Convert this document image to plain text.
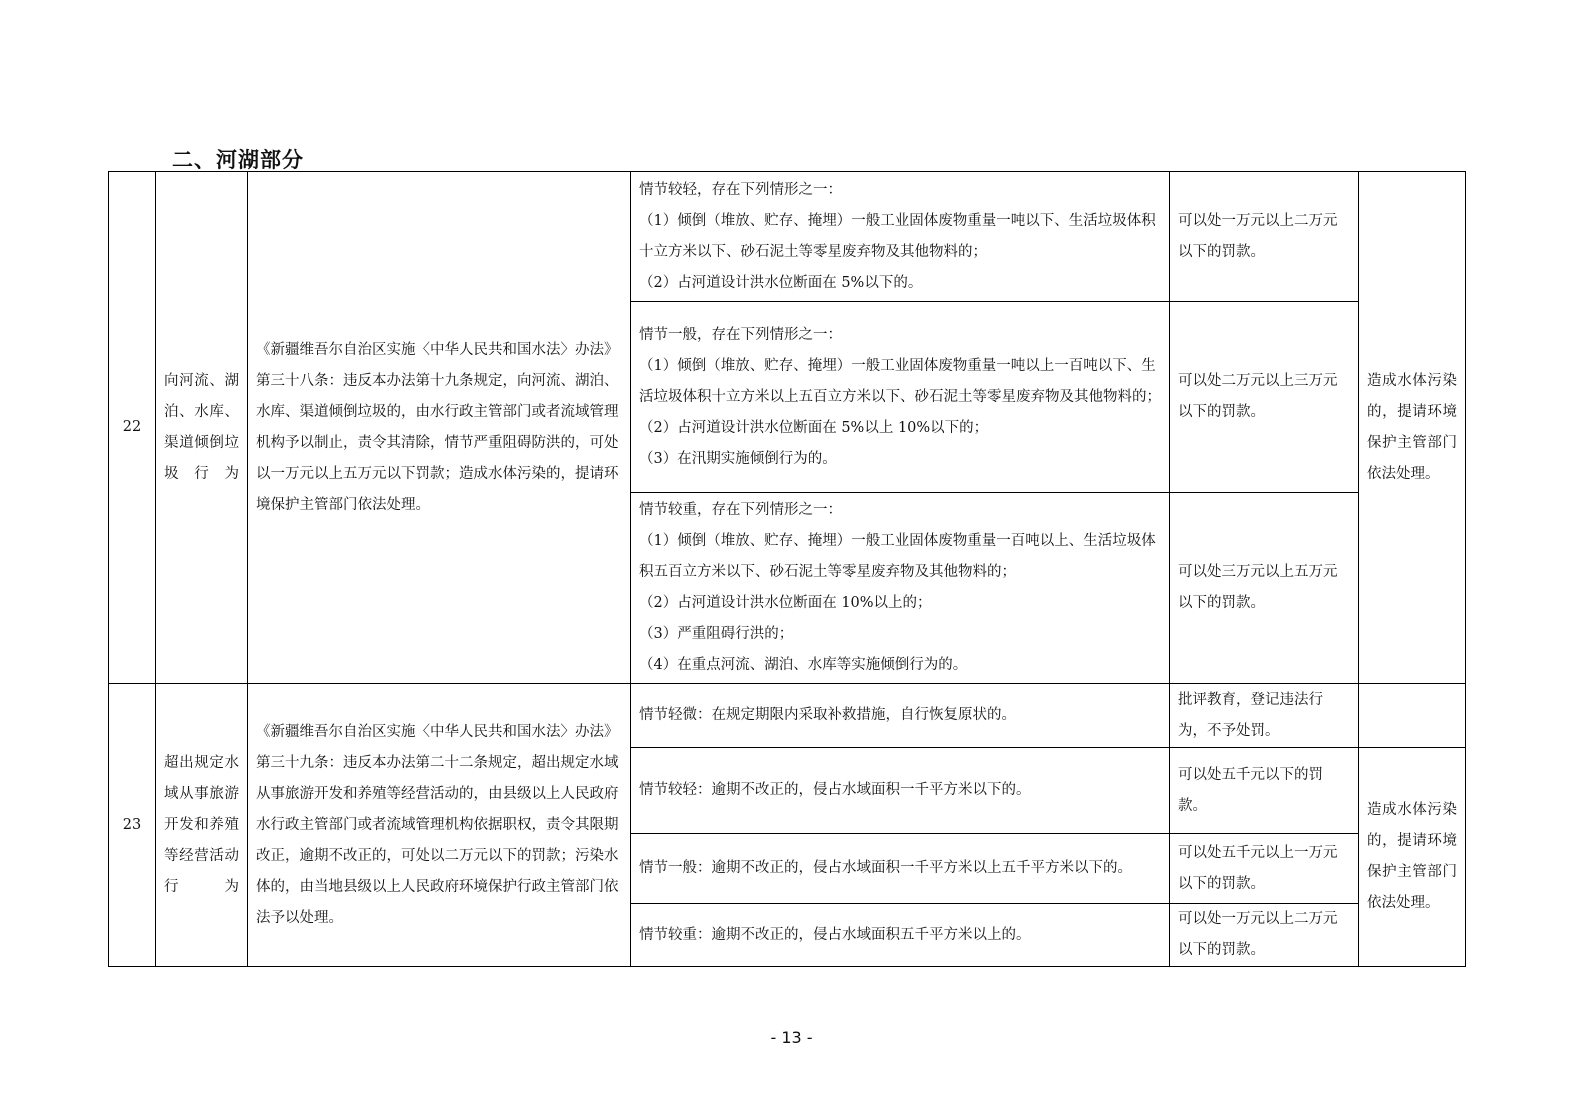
二、河湖部分
22	向河流、湖泊、水库、渠道倾倒垃圾行为	《新疆维吾尔自治区实施〈中华人民共和国水法〉办法》第三十八条：违反本办法第十九条规定，向河流、湖泊、水库、渠道倾倒垃圾的，由水行政主管部门或者流域管理机构予以制止，责令其清除，情节严重阻碍防洪的，可处以一万元以上五万元以下罚款；造成水体污染的，提请环境保护主管部门依法处理。	情节较轻，存在下列情形之一：
（1）倾倒（堆放、贮存、掩埋）一般工业固体废物重量一吨以下、生活垃圾体积十立方米以下、砂石泥土等零星废弃物及其他物料的；
（2）占河道设计洪水位断面在 5%以下的。	可以处一万元以上二万元以下的罚款。	造成水体污染的，提请环境保护主管部门依法处理。

			情节一般，存在下列情形之一：
（1）倾倒（堆放、贮存、掩埋）一般工业固体废物重量一吨以上一百吨以下、生活垃圾体积十立方米以上五百立方米以下、砂石泥土等零星废弃物及其他物料的；
（2）占河道设计洪水位断面在 5%以上 10%以下的；
（3）在汛期实施倾倒行为的。	可以处二万元以上三万元以下的罚款。	

			情节较重，存在下列情形之一：
（1）倾倒（堆放、贮存、掩埋）一般工业固体废物重量一百吨以上、生活垃圾体积五百立方米以下、砂石泥土等零星废弃物及其他物料的；
（2）占河道设计洪水位断面在 10%以上的；
（3）严重阻碍行洪的；
（4）在重点河流、湖泊、水库等实施倾倒行为的。	可以处三万元以上五万元以下的罚款。	
23	超出规定水域从事旅游开发和养殖等经营活动行为	《新疆维吾尔自治区实施〈中华人民共和国水法〉办法》第三十九条：违反本办法第二十二条规定，超出规定水域从事旅游开发和养殖等经营活动的，由县级以上人民政府水行政主管部门或者流域管理机构依据职权，责令其限期改正，逾期不改正的，可处以二万元以下的罚款；污染水体的，由当地县级以上人民政府环境保护行政主管部门依法予以处理。	情节轻微：在规定期限内采取补救措施，自行恢复原状的。	批评教育，登记违法行为，不予处罚。	

			情节较轻：逾期不改正的，侵占水域面积一千平方米以下的。	可以处五千元以下的罚款。	造成水体污染的，提请环境保护主管部门依法处理。

			情节一般：逾期不改正的，侵占水域面积一千平方米以上五千平方米以下的。	可以处五千元以上一万元以下的罚款。	

			情节较重：逾期不改正的，侵占水域面积五千平方米以上的。	可以处一万元以上二万元以下的罚款。	
- 13 -
